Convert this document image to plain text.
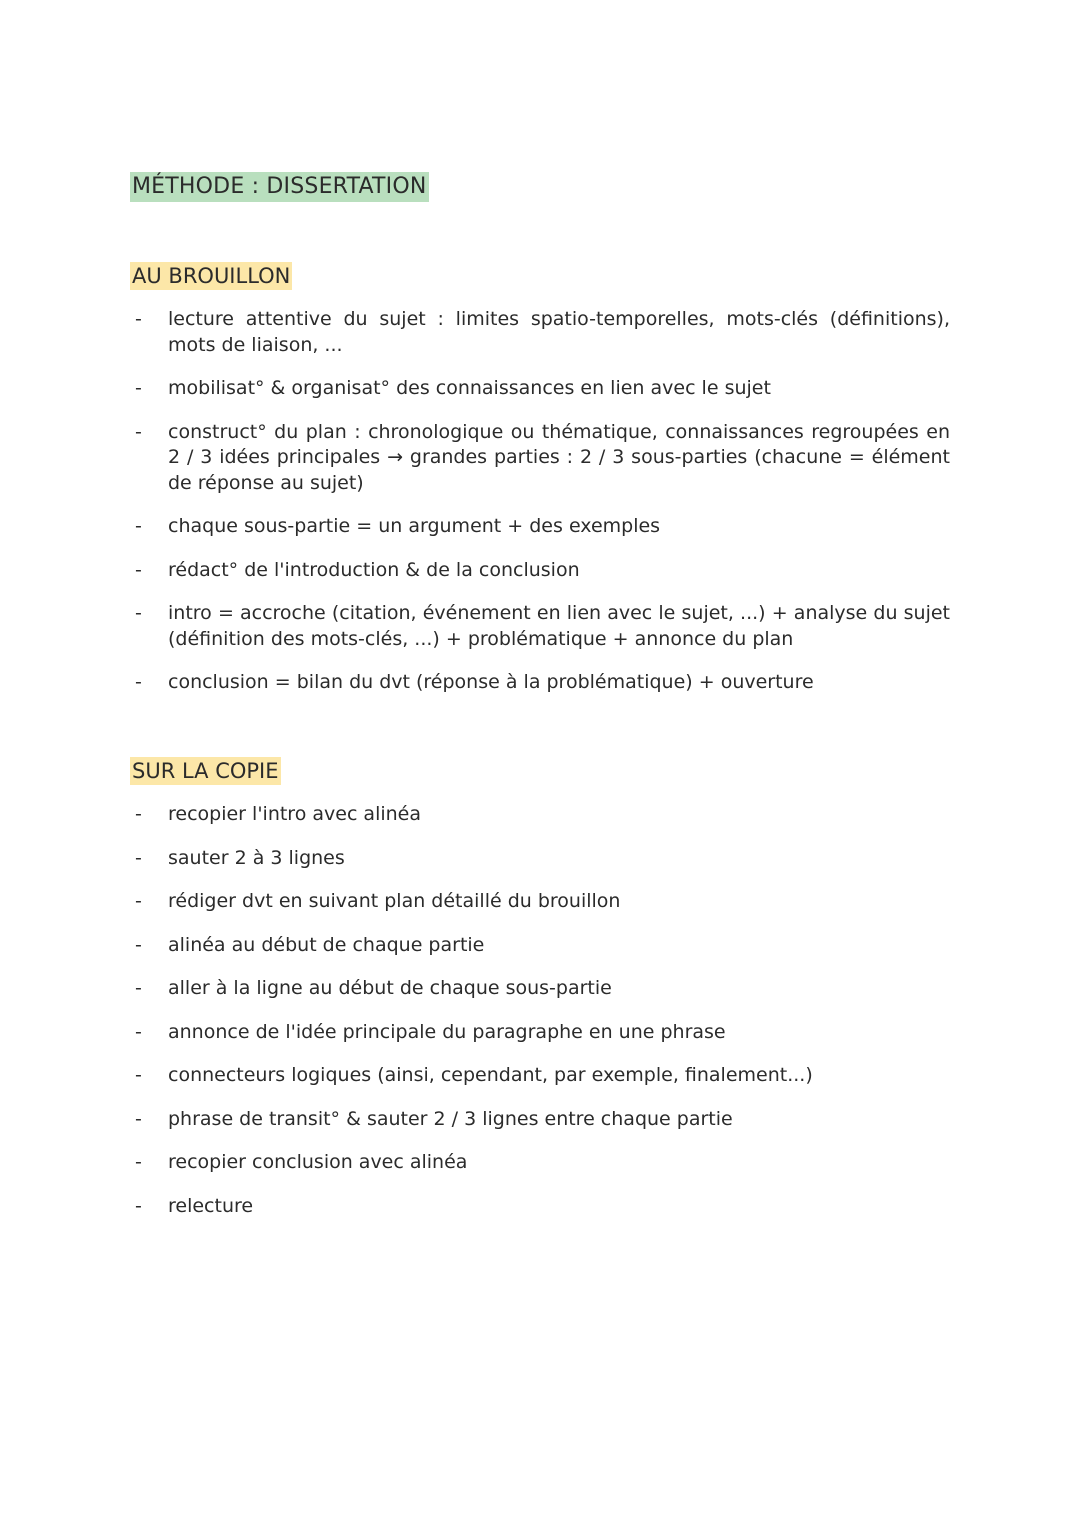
MÉTHODE : DISSERTATION
AU BROUILLON
- lecture attentive du sujet : limites spatio-temporelles, mots-clés (définitions), mots de liaison, ...
- mobilisat° & organisat° des connaissances en lien avec le sujet
- construct° du plan : chronologique ou thématique, connaissances regroupées en 2 / 3 idées principales → grandes parties : 2 / 3 sous-parties (chacune = élément de réponse au sujet)
- chaque sous-partie = un argument + des exemples
- rédact° de l'introduction & de la conclusion
- intro = accroche (citation, événement en lien avec le sujet, ...) + analyse du sujet (définition des mots-clés, ...) + problématique + annonce du plan
- conclusion = bilan du dvt (réponse à la problématique) + ouverture
SUR LA COPIE
- recopier l'intro avec alinéa
- sauter 2 à 3 lignes
- rédiger dvt en suivant plan détaillé du brouillon
- alinéa au début de chaque partie
- aller à la ligne au début de chaque sous-partie
- annonce de l'idée principale du paragraphe en une phrase
- connecteurs logiques (ainsi, cependant, par exemple, finalement...)
- phrase de transit° & sauter 2 / 3 lignes entre chaque partie
- recopier conclusion avec alinéa
- relecture
